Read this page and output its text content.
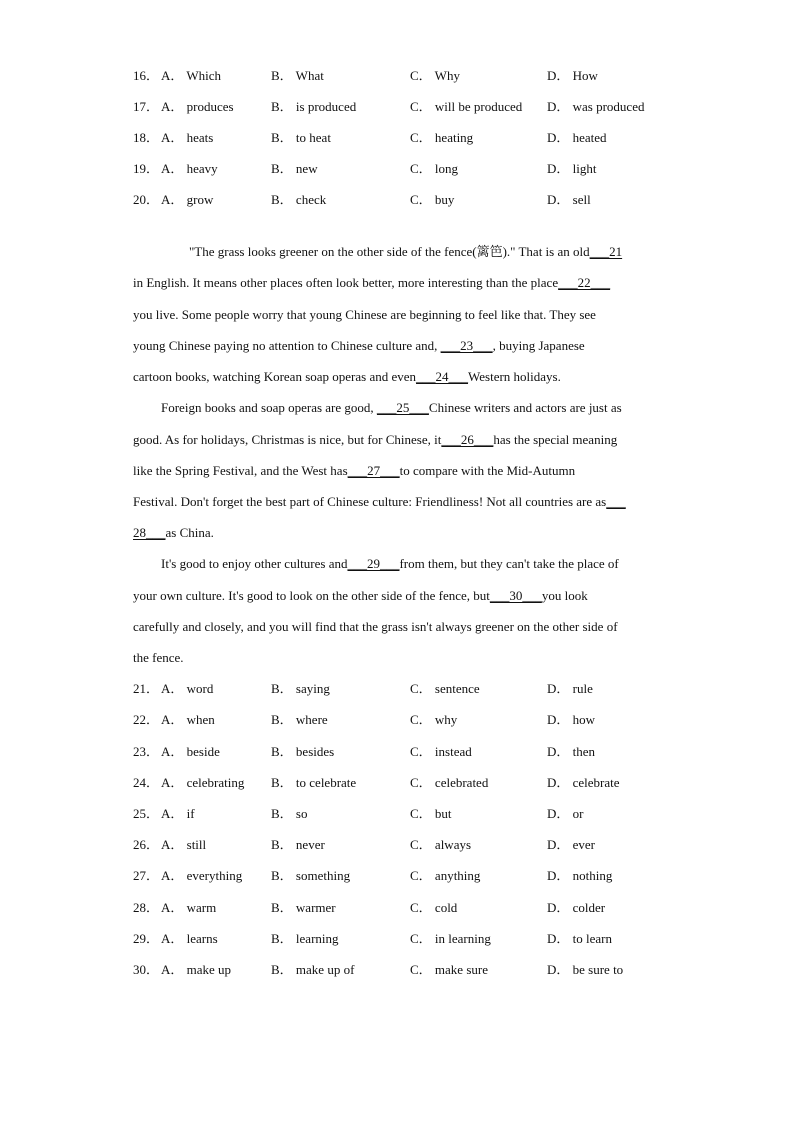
16． A． Which	B． What	C． Why	D． How
17． A． produces	B． is produced	C． will be produced D． was produced
18． A． heats	B． to heat	C． heating	D． heated
19． A． heavy	B． new	C． long	D． light
20． A． grow	B． check	C． buy	D． sell
"The grass looks greener on the other side of the fence(篱笆)." That is an old___21
in English. It means other places often look better, more interesting than the place___22___
you live. Some people worry that young Chinese are beginning to feel like that. They see
young Chinese paying no attention to Chinese culture and, ___23___, buying Japanese
cartoon books, watching Korean soap operas and even___24___Western holidays.
Foreign books and soap operas are good, ___25___Chinese writers and actors are just as
good. As for holidays, Christmas is nice, but for Chinese, it___26___has the special meaning
like the Spring Festival, and the West has___27___to compare with the Mid-Autumn
Festival. Don't forget the best part of Chinese culture: Friendliness! Not all countries are as___
28___as China.
It's good to enjoy other cultures and___29___from them, but they can't take the place of
your own culture. It's good to look on the other side of the fence, but___30___you look
carefully and closely, and you will find that the grass isn't always greener on the other side of
the fence.
21． A． word	B． saying	C． sentence	D． rule
22． A． when	B． where	C． why	D． how
23． A． beside	B． besides	C． instead	D． then
24． A． celebrating B． to celebrate	C． celebrated	D． celebrate
25． A． if	B． so	C． but	D． or
26． A． still	B． never	C． always	D． ever
27． A． everything B． something	C． anything	D． nothing
28． A． warm	B． warmer	C． cold	D． colder
29． A． learns	B． learning	C． in learning	D． to learn
30． A． make up	B． make up of	C． make sure	D． be sure to
